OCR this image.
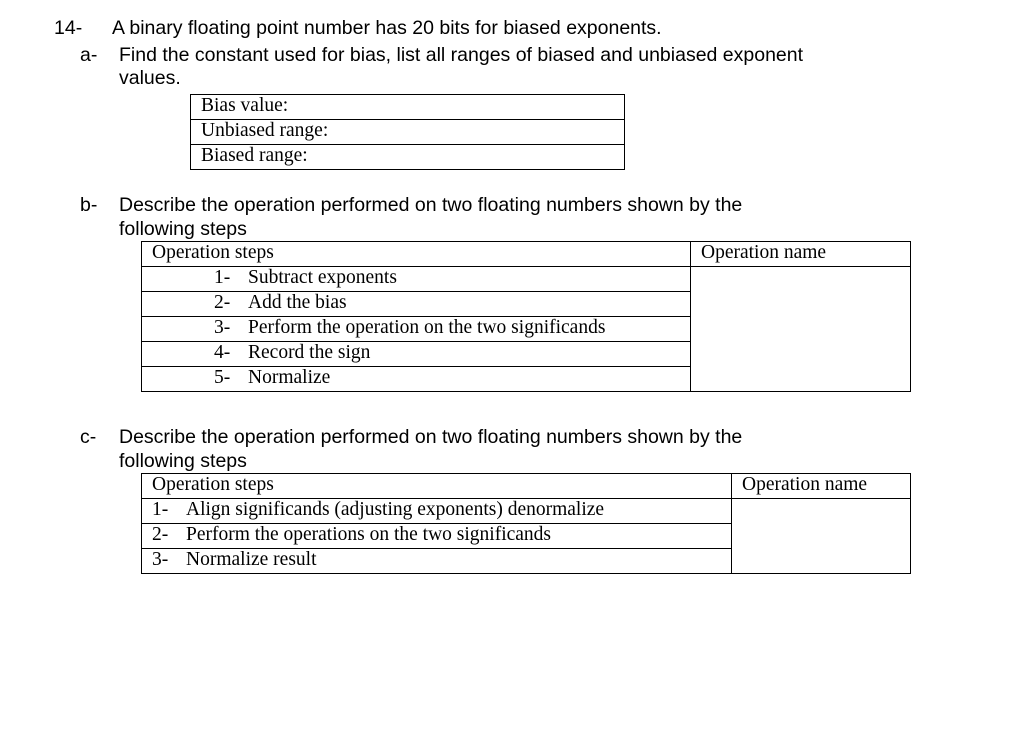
14- A binary floating point number has 20 bits for biased exponents.
a- Find the constant used for bias, list all ranges of biased and unbiased exponent
values.
Bias value:
Unbiased range:
Biased range:
b- Describe the operation performed on two floating numbers shown by the
following steps
Operation steps	Operation name
1- Subtract exponents	
2- Add the bias	
3- Perform the operation on the two significands	
4- Record the sign	
5- Normalize	
c- Describe the operation performed on two floating numbers shown by the
following steps
Operation steps	Operation name
1- Align significands (adjusting exponents) denormalize	
2- Perform the operations on the two significands	
3- Normalize result	
